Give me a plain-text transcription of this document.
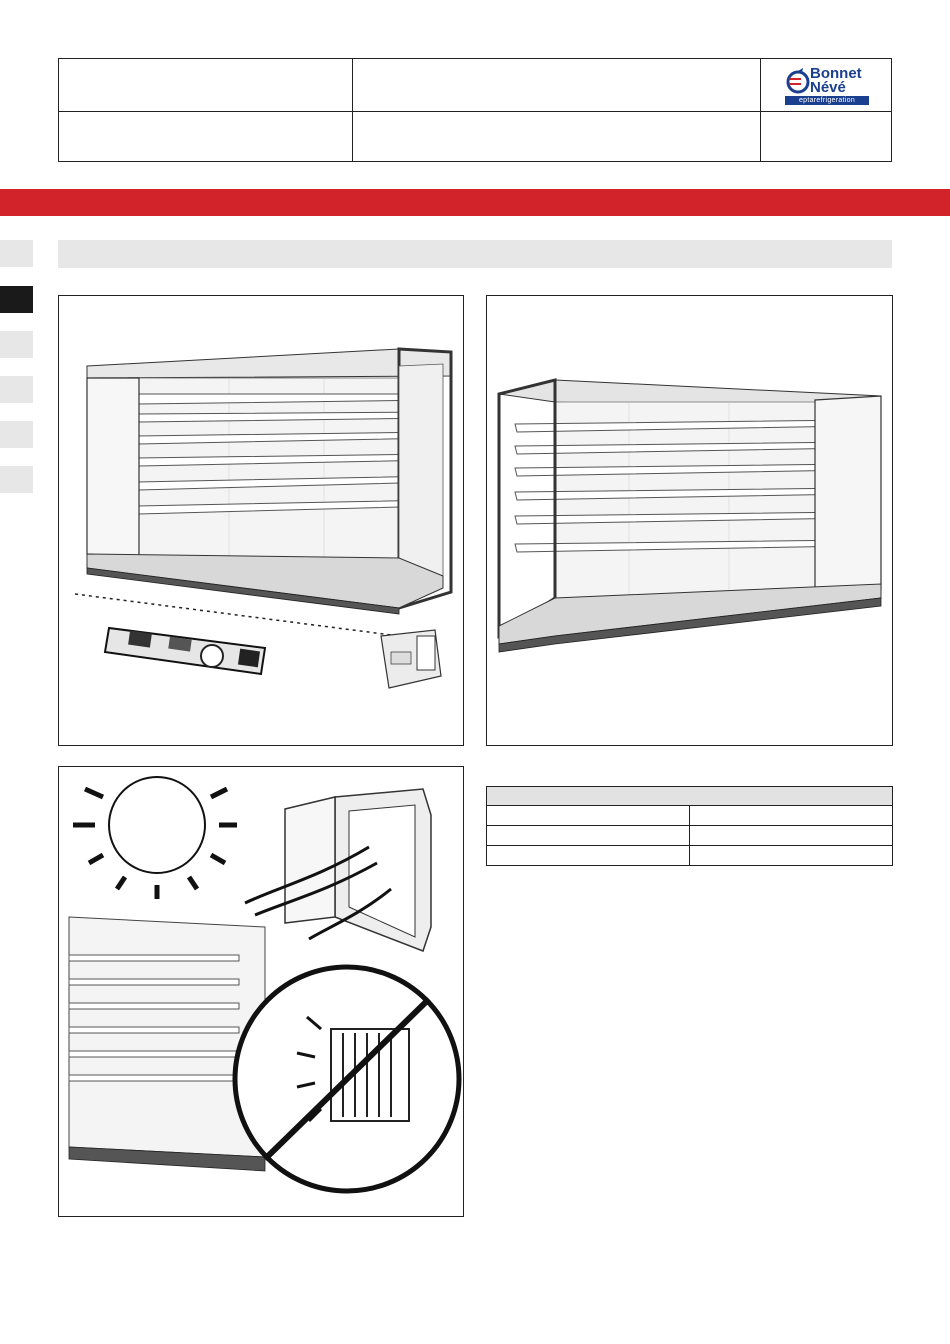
Bonnet
Névé
eptarefrigeration
